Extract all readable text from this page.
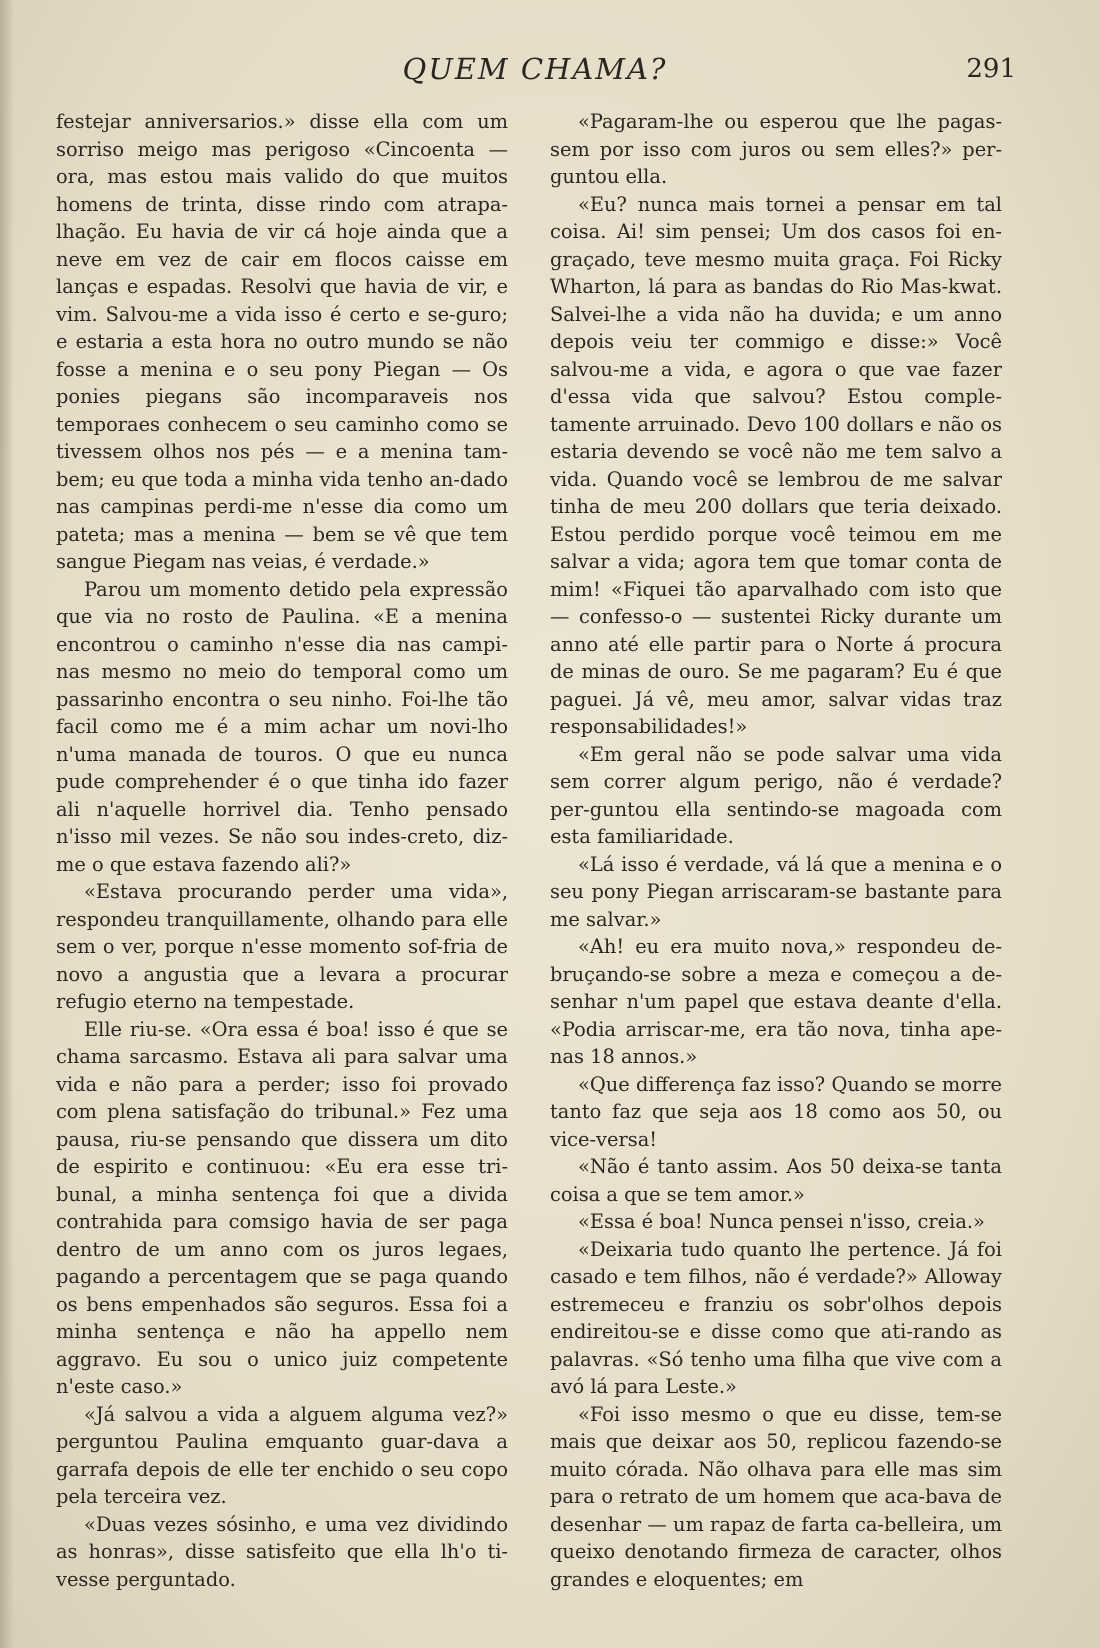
QUEM CHAMA?	291

festejar anniversarios.» disse ella com um sorriso meigo mas perigoso «Cincoenta — ora, mas estou mais valido do que muitos homens de trinta, disse rindo com atrapa-lhação. Eu havia de vir cá hoje ainda que a neve em vez de cair em flocos caisse em lanças e espadas. Resolvi que havia de vir, e vim. Salvou-me a vida isso é certo e se-guro; e estaria a esta hora no outro mundo se não fosse a menina e o seu pony Piegan — Os ponies piegans são incomparaveis nos temporaes conhecem o seu caminho como se tivessem olhos nos pés — e a menina tam-bem; eu que toda a minha vida tenho an-dado nas campinas perdi-me n'esse dia como um pateta; mas a menina — bem se vê que tem sangue Piegam nas veias, é verdade.»

Parou um momento detido pela expressão que via no rosto de Paulina. «E a menina encontrou o caminho n'esse dia nas campi-nas mesmo no meio do temporal como um passarinho encontra o seu ninho. Foi-lhe tão facil como me é a mim achar um novi-lho n'uma manada de touros. O que eu nunca pude comprehender é o que tinha ido fazer ali n'aquelle horrivel dia. Tenho pensado n'isso mil vezes. Se não sou indes-creto, diz-me o que estava fazendo ali?»

«Estava procurando perder uma vida», respondeu tranquillamente, olhando para elle sem o ver, porque n'esse momento sof-fria de novo a angustia que a levara a procurar refugio eterno na tempestade.

Elle riu-se. «Ora essa é boa! isso é que se chama sarcasmo. Estava ali para salvar uma vida e não para a perder; isso foi provado com plena satisfação do tribunal.» Fez uma pausa, riu-se pensando que dissera um dito de espirito e continuou: «Eu era esse tri-bunal, a minha sentença foi que a divida contrahida para comsigo havia de ser paga dentro de um anno com os juros legaes, pagando a percentagem que se paga quando os bens empenhados são seguros. Essa foi a minha sentença e não ha appello nem aggravo. Eu sou o unico juiz competente n'este caso.»

«Já salvou a vida a alguem alguma vez?» perguntou Paulina emquanto guar-dava a garrafa depois de elle ter enchido o seu copo pela terceira vez.

«Duas vezes sósinho, e uma vez dividindo as honras», disse satisfeito que ella lh'o ti-vesse perguntado.

«Pagaram-lhe ou esperou que lhe pagas-sem por isso com juros ou sem elles?» per-guntou ella.

«Eu? nunca mais tornei a pensar em tal coisa. Ai! sim pensei; Um dos casos foi en-graçado, teve mesmo muita graça. Foi Ricky Wharton, lá para as bandas do Rio Mas-kwat. Salvei-lhe a vida não ha duvida; e um anno depois veiu ter commigo e disse:» Você salvou-me a vida, e agora o que vae fazer d'essa vida que salvou? Estou comple-tamente arruinado. Devo 100 dollars e não os estaria devendo se você não me tem salvo a vida. Quando você se lembrou de me salvar tinha de meu 200 dollars que teria deixado. Estou perdido porque você teimou em me salvar a vida; agora tem que tomar conta de mim! «Fiquei tão aparvalhado com isto que — confesso-o — sustentei Ricky durante um anno até elle partir para o Norte á procura de minas de ouro. Se me pagaram? Eu é que paguei. Já vê, meu amor, salvar vidas traz responsabilidades!»

«Em geral não se pode salvar uma vida sem correr algum perigo, não é verdade? per-guntou ella sentindo-se magoada com esta familiaridade.

«Lá isso é verdade, vá lá que a menina e o seu pony Piegan arriscaram-se bastante para me salvar.»

«Ah! eu era muito nova,» respondeu de-bruçando-se sobre a meza e começou a de-senhar n'um papel que estava deante d'ella. «Podia arriscar-me, era tão nova, tinha ape-nas 18 annos.»

«Que differença faz isso? Quando se morre tanto faz que seja aos 18 como aos 50, ou vice-versa!

«Não é tanto assim. Aos 50 deixa-se tanta coisa a que se tem amor.»

«Essa é boa! Nunca pensei n'isso, creia.»

«Deixaria tudo quanto lhe pertence. Já foi casado e tem filhos, não é verdade?» Alloway estremeceu e franziu os sobr'olhos depois endireitou-se e disse como que ati-rando as palavras. «Só tenho uma filha que vive com a avó lá para Leste.»

«Foi isso mesmo o que eu disse, tem-se mais que deixar aos 50, replicou fazendo-se muito córada. Não olhava para elle mas sim para o retrato de um homem que aca-bava de desenhar — um rapaz de farta ca-belleira, um queixo denotando firmeza de caracter, olhos grandes e eloquentes; em
